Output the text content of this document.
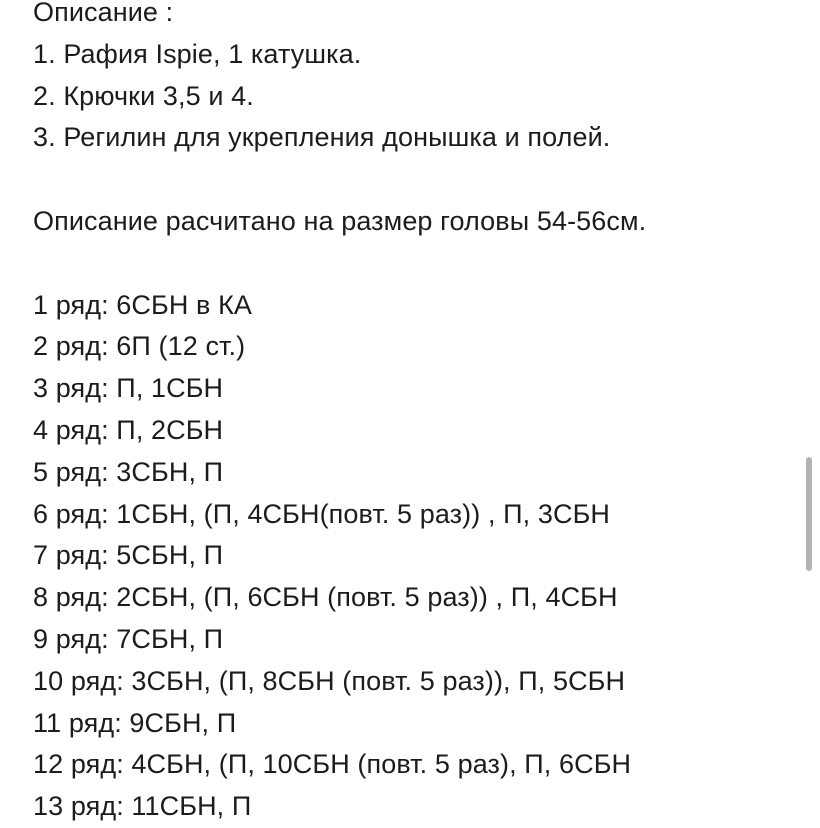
Описание :
1. Рафия Ispie, 1 катушка.
2. Крючки 3,5 и 4.
3. Регилин для укрепления донышка и полей.
Описание расчитано на размер головы 54-56см.
1 ряд: 6СБН в КА
2 ряд: 6П (12 ст.)
3 ряд: П, 1СБН
4 ряд: П, 2СБН
5 ряд: 3СБН, П
6 ряд: 1СБН, (П, 4СБН(повт. 5 раз)) , П, 3СБН
7 ряд: 5СБН, П
8 ряд: 2СБН, (П, 6СБН (повт. 5 раз)) , П, 4СБН
9 ряд: 7СБН, П
10 ряд: 3СБН, (П, 8СБН (повт. 5 раз)), П, 5СБН
11 ряд: 9СБН, П
12 ряд: 4СБН, (П, 10СБН (повт. 5 раз), П, 6СБН
13 ряд: 11СБН, П
